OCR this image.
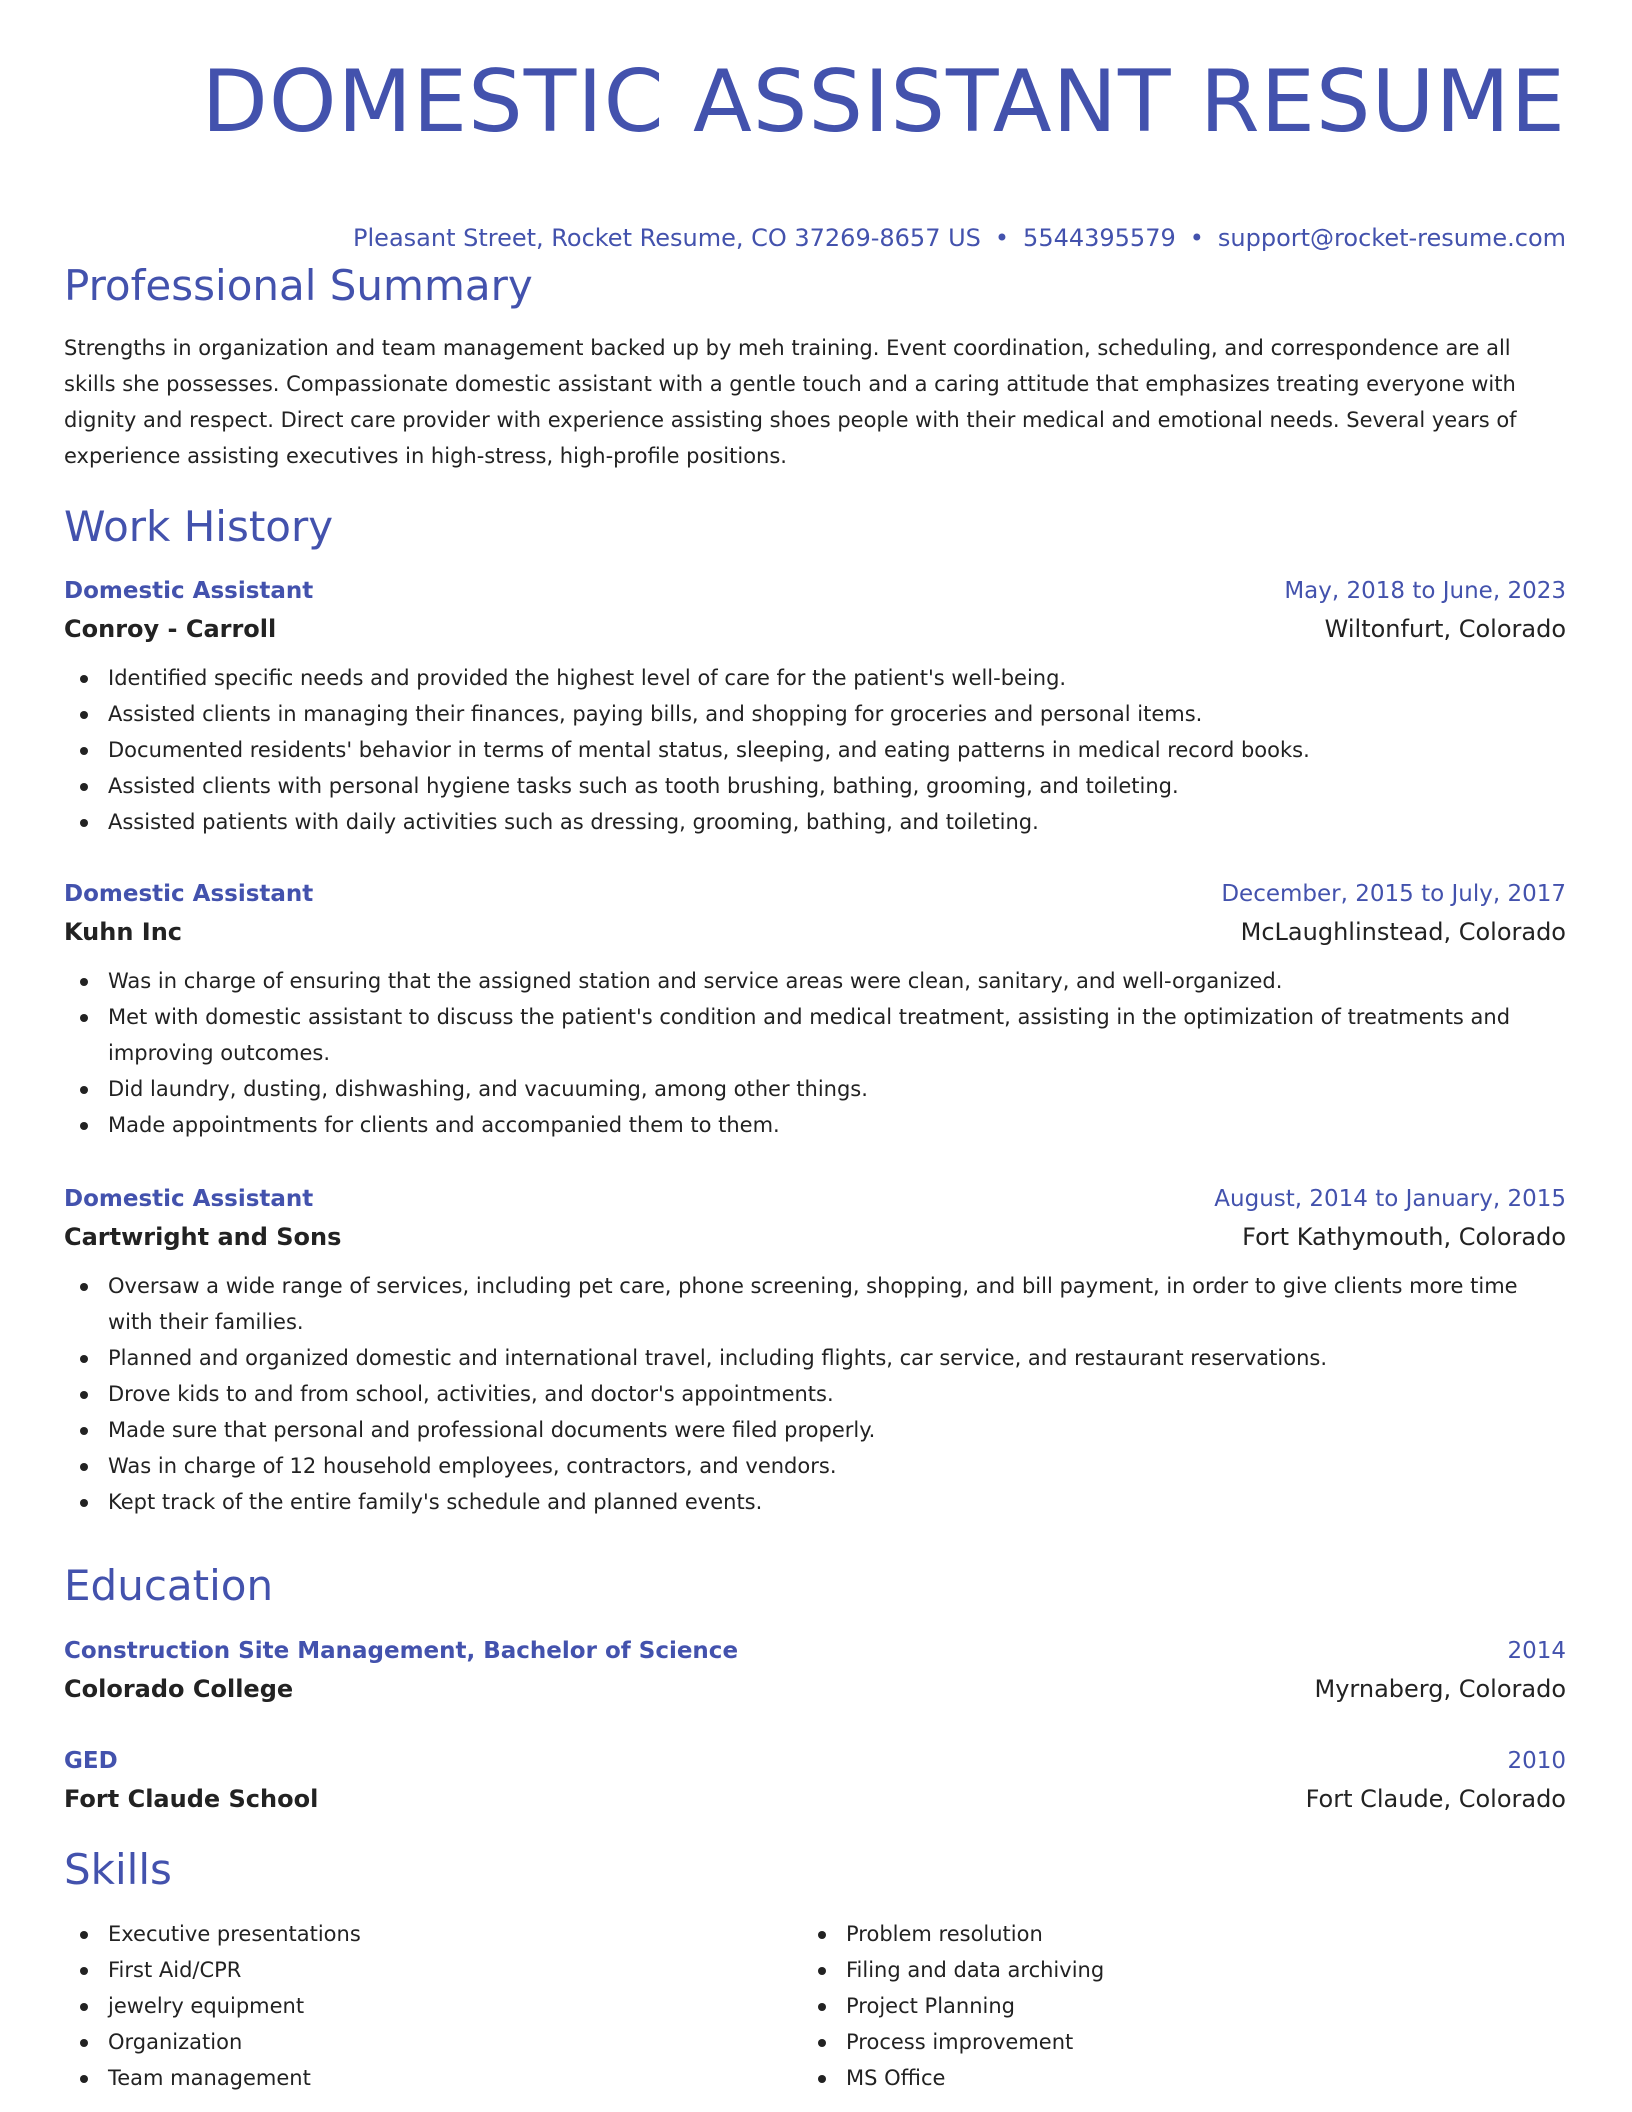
DOMESTIC ASSISTANT RESUME
Pleasant Street, Rocket Resume, CO 37269-8657 US • 5544395579 • support@rocket-resume.com
Professional Summary

Strengths in organization and team management backed up by meh training. Event coordination, scheduling, and correspondence are all skills she possesses. Compassionate domestic assistant with a gentle touch and a caring attitude that emphasizes treating everyone with dignity and respect. Direct care provider with experience assisting shoes people with their medical and emotional needs. Several years of experience assisting executives in high-stress, high-profile positions.

Work History
Domestic Assistant	May, 2018 to June, 2023
Conroy - Carroll	Wiltonfurt, Colorado
Identified specific needs and provided the highest level of care for the patient's well-being.
Assisted clients in managing their finances, paying bills, and shopping for groceries and personal items.
Documented residents' behavior in terms of mental status, sleeping, and eating patterns in medical record books.
Assisted clients with personal hygiene tasks such as tooth brushing, bathing, grooming, and toileting.
Assisted patients with daily activities such as dressing, grooming, bathing, and toileting.
Domestic Assistant	December, 2015 to July, 2017
Kuhn Inc	McLaughlinstead, Colorado
Was in charge of ensuring that the assigned station and service areas were clean, sanitary, and well-organized.
Met with domestic assistant to discuss the patient's condition and medical treatment, assisting in the optimization of treatments and improving outcomes.
Did laundry, dusting, dishwashing, and vacuuming, among other things.
Made appointments for clients and accompanied them to them.
Domestic Assistant	August, 2014 to January, 2015
Cartwright and Sons	Fort Kathymouth, Colorado
Oversaw a wide range of services, including pet care, phone screening, shopping, and bill payment, in order to give clients more time with their families.
Planned and organized domestic and international travel, including flights, car service, and restaurant reservations.
Drove kids to and from school, activities, and doctor's appointments.
Made sure that personal and professional documents were filed properly.
Was in charge of 12 household employees, contractors, and vendors.
Kept track of the entire family's schedule and planned events.
Education
Construction Site Management, Bachelor of Science	2014
Colorado College	Myrnaberg, Colorado
GED	2010
Fort Claude School	Fort Claude, Colorado
Skills
Executive presentations
First Aid/CPR
jewelry equipment
Organization
Team management
Problem resolution
Filing and data archiving
Project Planning
Process improvement
MS Office
